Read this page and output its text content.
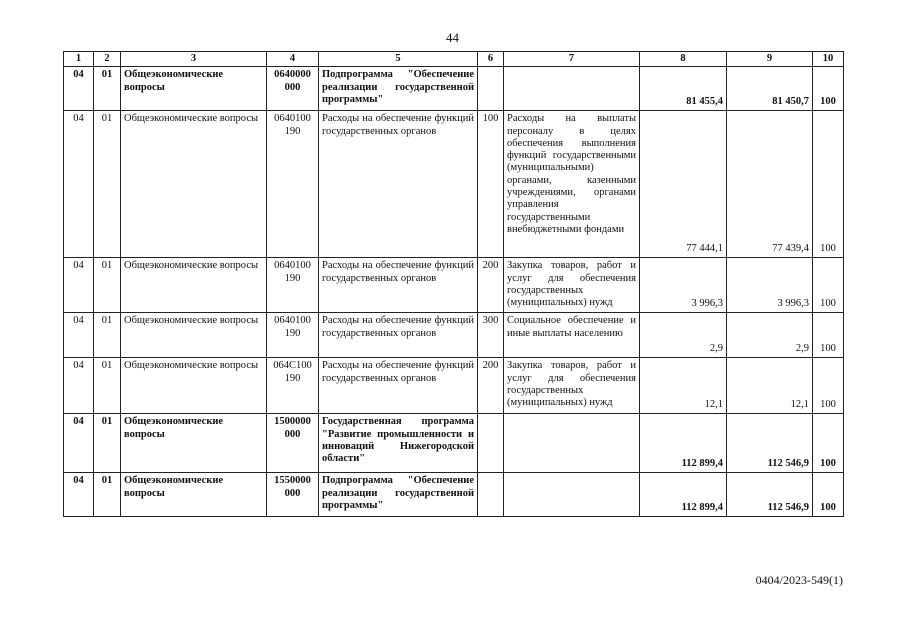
44
1	2	3	4	5	6	7	8	9	10
04	01	Общеэкономические вопросы	0640000 000	Подпрограмма "Обеспечение реализации государственной программы"			81 455,4	81 450,7	100
04	01	Общеэкономические вопросы	0640100 190	Расходы на обеспечение функций государственных органов	100	Расходы на выплаты персоналу в целях обеспечения выполнения функций государственными (муниципальными) органами, казенными учреждениями, органами управления государственными внебюджетными фондами	77 444,1	77 439,4	100
04	01	Общеэкономические вопросы	0640100 190	Расходы на обеспечение функций государственных органов	200	Закупка товаров, работ и услуг для обеспечения государственных (муниципальных) нужд	3 996,3	3 996,3	100
04	01	Общеэкономические вопросы	0640100 190	Расходы на обеспечение функций государственных органов	300	Социальное обеспечение и иные выплаты населению	2,9	2,9	100
04	01	Общеэкономические вопросы	064С100 190	Расходы на обеспечение функций государственных органов	200	Закупка товаров, работ и услуг для обеспечения государственных (муниципальных) нужд	12,1	12,1	100
04	01	Общеэкономические вопросы	1500000 000	Государственная программа "Развитие промышленности и инноваций Нижегородской области"			112 899,4	112 546,9	100
04	01	Общеэкономические вопросы	1550000 000	Подпрограмма "Обеспечение реализации государственной программы"			112 899,4	112 546,9	100
0404/2023-549(1)
